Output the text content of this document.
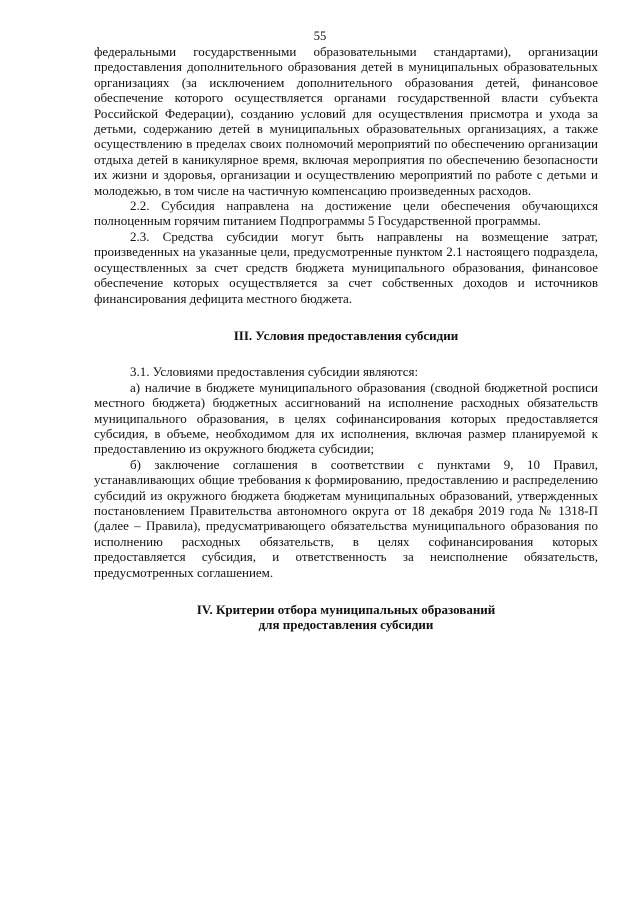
55

федеральными государственными образовательными стандартами), организации предоставления дополнительного образования детей в муниципальных образовательных организациях (за исключением дополнительного образования детей, финансовое обеспечение которого осуществляется органами государственной власти субъекта Российской Федерации), созданию условий для осуществления присмотра и ухода за детьми, содержанию детей в муниципальных образовательных организациях, а также осуществлению в пределах своих полномочий мероприятий по обеспечению организации отдыха детей в каникулярное время, включая мероприятия по обеспечению безопасности их жизни и здоровья, организации и осуществлению мероприятий по работе с детьми и молодежью, в том числе на частичную компенсацию произведенных расходов.

2.2. Субсидия направлена на достижение цели обеспечения обучающихся полноценным горячим питанием Подпрограммы 5 Государственной программы.

2.3. Средства субсидии могут быть направлены на возмещение затрат, произведенных на указанные цели, предусмотренные пунктом 2.1 настоящего подраздела, осуществленных за счет средств бюджета муниципального образования, финансовое обеспечение которых осуществляется за счет собственных доходов и источников финансирования дефицита местного бюджета.

III. Условия предоставления субсидии

3.1. Условиями предоставления субсидии являются:

а) наличие в бюджете муниципального образования (сводной бюджетной росписи местного бюджета) бюджетных ассигнований на исполнение расходных обязательств муниципального образования, в целях софинансирования которых предоставляется субсидия, в объеме, необходимом для их исполнения, включая размер планируемой к предоставлению из окружного бюджета субсидии;

б) заключение соглашения в соответствии с пунктами 9, 10 Правил, устанавливающих общие требования к формированию, предоставлению и распределению субсидий из окружного бюджета бюджетам муниципальных образований, утвержденных постановлением Правительства автономного округа от 18 декабря 2019 года № 1318-П (далее – Правила), предусматривающего обязательства муниципального образования по исполнению расходных обязательств, в целях софинансирования которых предоставляется субсидия, и ответственность за неисполнение обязательств, предусмотренных соглашением.

IV. Критерии отбора муниципальных образований
для предоставления субсидии
